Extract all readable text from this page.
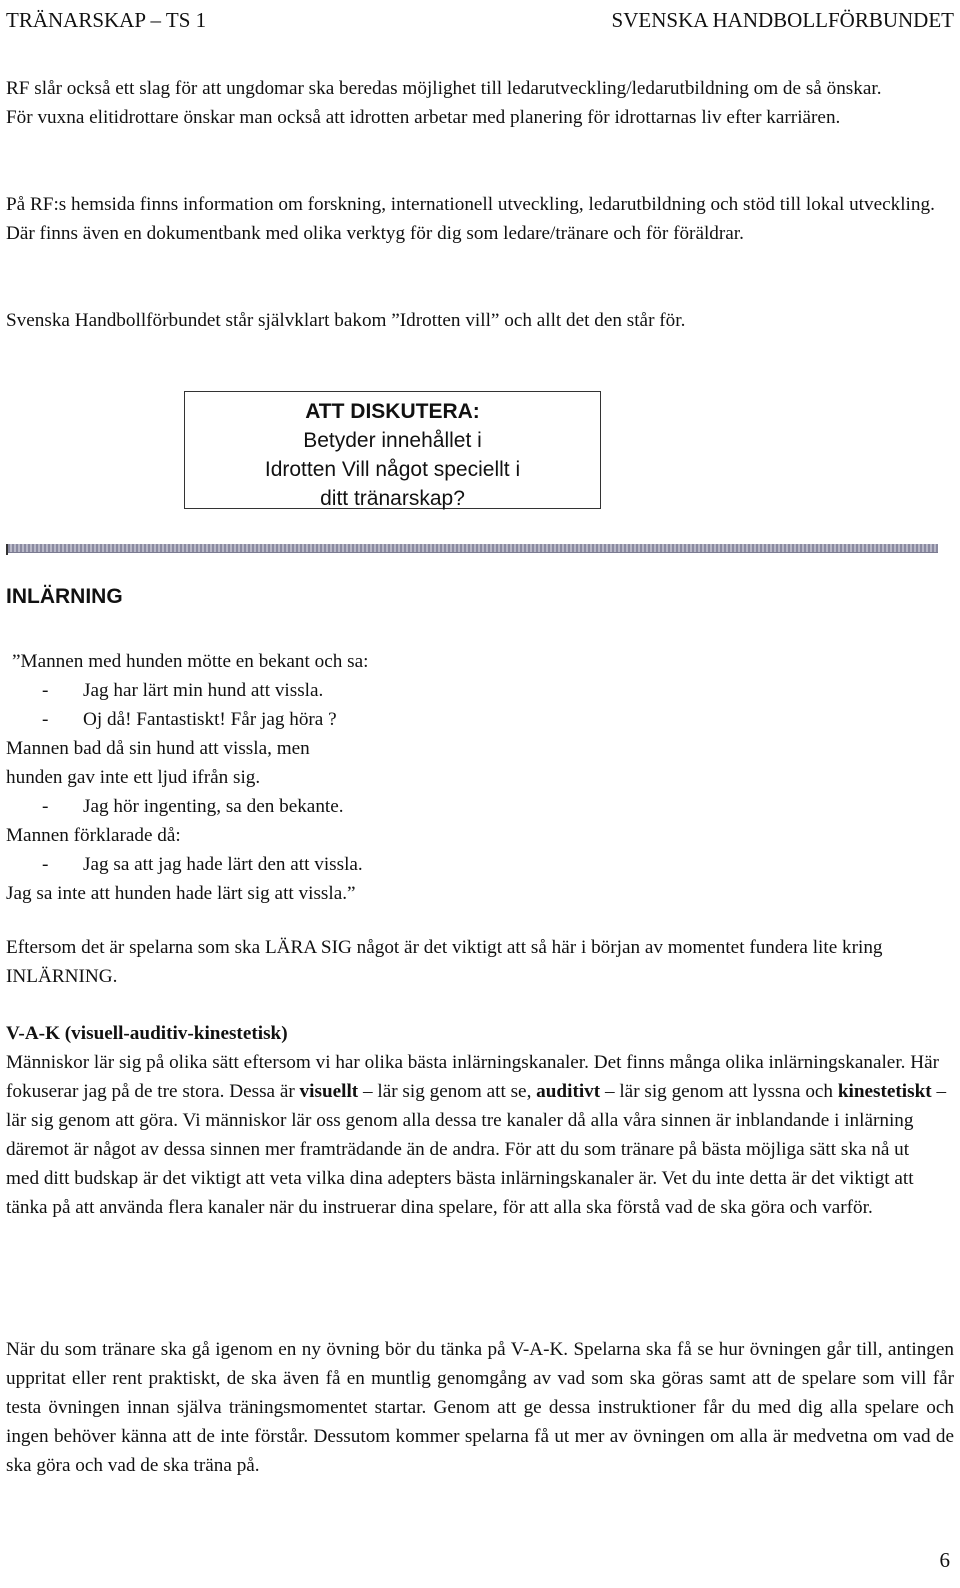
TRÄNARSKAP – TS 1	SVENSKA HANDBOLLFÖRBUNDET

RF slår också ett slag för att ungdomar ska beredas möjlighet till ledarutveckling/ledarutbildning om de så önskar. För vuxna elitidrottare önskar man också att idrotten arbetar med planering för idrottarnas liv efter karriären.

På RF:s hemsida finns information om forskning, internationell utveckling, ledarutbildning och stöd till lokal utveckling. Där finns även en dokumentbank med olika verktyg för dig som ledare/tränare och för föräldrar.

Svenska Handbollförbundet står självklart bakom ”Idrotten vill” och allt det den står för.

ATT DISKUTERA:
Betyder innehållet i
Idrotten Vill något speciellt i
ditt tränarskap?
INLÄRNING
”Mannen med hunden mötte en bekant och sa:
- Jag har lärt min hund att vissla.
- Oj då! Fantastiskt! Får jag höra ?
Mannen bad då sin hund att vissla, men
hunden gav inte ett ljud ifrån sig.
- Jag hör ingenting, sa den bekante.
Mannen förklarade då:
- Jag sa att jag hade lärt den att vissla.
Jag sa inte att hunden hade lärt sig att vissla.”

Eftersom det är spelarna som ska LÄRA SIG något är det viktigt att så här i början av momentet fundera lite kring INLÄRNING.

V-A-K (visuell-auditiv-kinestetisk)
Människor lär sig på olika sätt eftersom vi har olika bästa inlärningskanaler. Det finns många olika inlärningskanaler. Här fokuserar jag på de tre stora. Dessa är visuellt – lär sig genom att se, auditivt – lär sig genom att lyssna och kinestetiskt – lär sig genom att göra. Vi människor lär oss genom alla dessa tre kanaler då alla våra sinnen är inblandande i inlärning däremot är något av dessa sinnen mer framträdande än de andra. För att du som tränare på bästa möjliga sätt ska nå ut
med ditt budskap är det viktigt att veta vilka dina adepters bästa inlärningskanaler är. Vet du inte detta är det viktigt att tänka på att använda flera kanaler när du instruerar dina spelare, för att alla ska förstå vad de ska göra och varför.

När du som tränare ska gå igenom en ny övning bör du tänka på V-A-K. Spelarna ska få se hur övningen går till, antingen uppritat eller rent praktiskt, de ska även få en muntlig genomgång av vad som ska göras samt att de spelare som vill får testa övningen innan själva träningsmomentet startar. Genom att ge dessa instruktioner får du med dig alla spelare och ingen behöver känna att de inte förstår. Dessutom kommer spelarna få ut mer av övningen om alla är medvetna om vad de ska göra och vad de ska träna på.

6
